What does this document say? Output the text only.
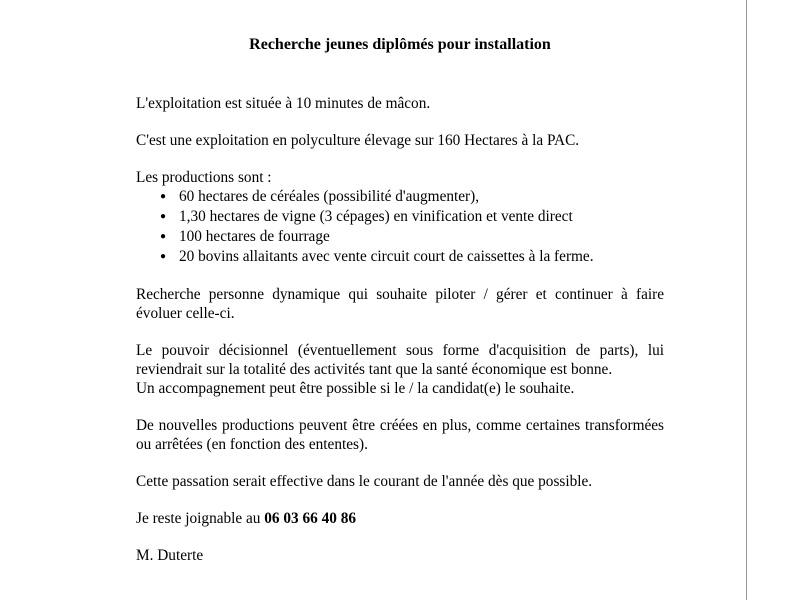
Recherche jeunes diplômés pour installation

L'exploitation est située à 10 minutes de mâcon.

C'est une exploitation en polyculture élevage sur 160 Hectares à la PAC.

Les productions sont :

● 60 hectares de céréales (possibilité d'augmenter),
● 1,30 hectares de vigne (3 cépages) en vinification et vente direct
● 100 hectares de fourrage
● 20 bovins allaitants avec vente circuit court de caissettes à la ferme.

Recherche personne dynamique qui souhaite piloter / gérer et continuer à faire évoluer celle-ci.

Le pouvoir décisionnel (éventuellement sous forme d'acquisition de parts), lui reviendrait sur la totalité des activités tant que la santé économique est bonne.

Un accompagnement peut être possible si le / la candidat(e) le souhaite.

De nouvelles productions peuvent être créées en plus, comme certaines transformées ou arrêtées (en fonction des ententes).

Cette passation serait effective dans le courant de l'année dès que possible.

Je reste joignable au 06 03 66 40 86

M. Duterte
